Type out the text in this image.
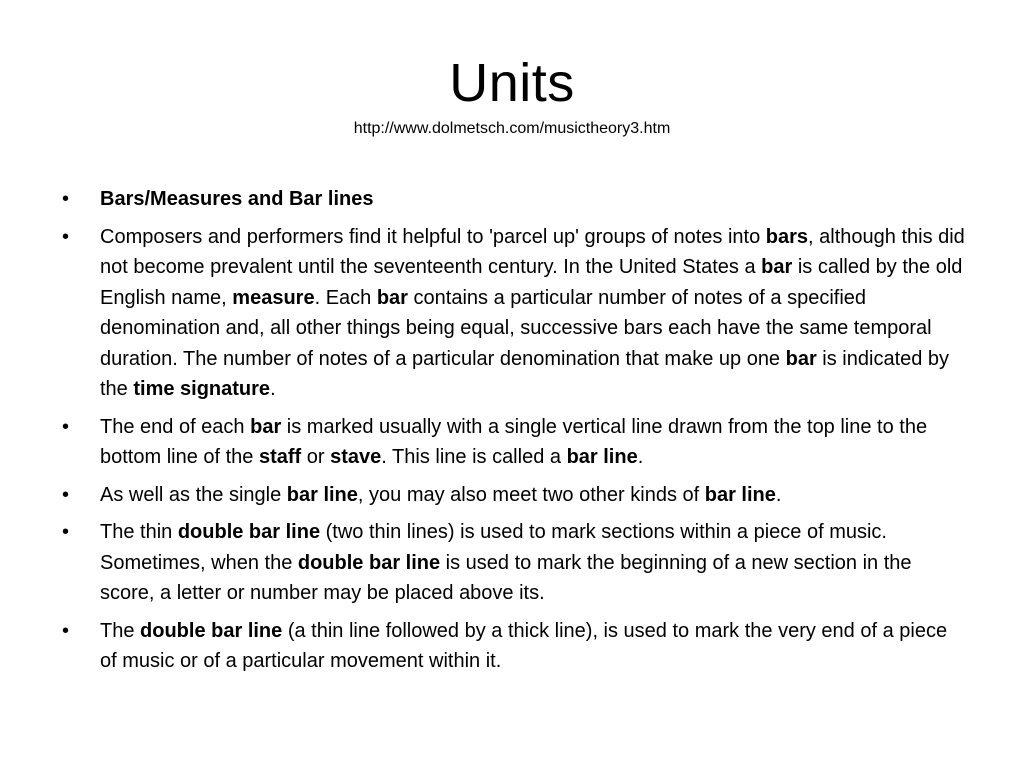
Units
http://www.dolmetsch.com/musictheory3.htm
•	Bars/Measures and Bar lines
•	Composers and performers find it helpful to 'parcel up' groups of notes into bars, although this did not become prevalent until the seventeenth century. In the United States a bar is called by the old English name, measure. Each bar contains a particular number of notes of a specified denomination and, all other things being equal, successive bars each have the same temporal duration. The number of notes of a particular denomination that make up one bar is indicated by the time signature.
•	The end of each bar is marked usually with a single vertical line drawn from the top line to the bottom line of the staff or stave. This line is called a bar line.
•	As well as the single bar line, you may also meet two other kinds of bar line.
•	The thin double bar line (two thin lines) is used to mark sections within a piece of music. Sometimes, when the double bar line is used to mark the beginning of a new section in the score, a letter or number may be placed above its.
•	The double bar line (a thin line followed by a thick line), is used to mark the very end of a piece of music or of a particular movement within it.
